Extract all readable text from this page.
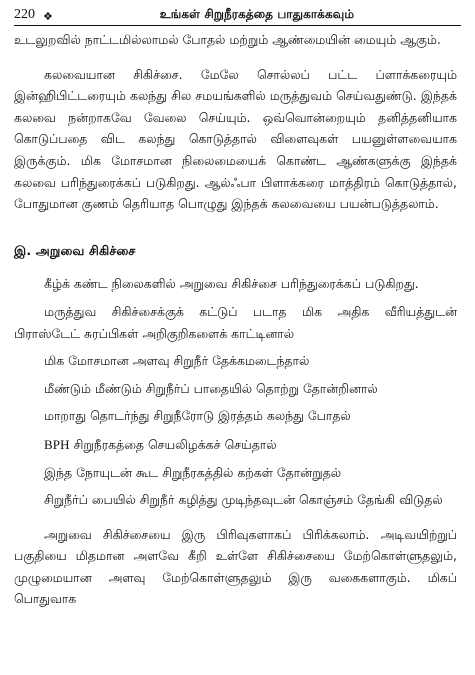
220 ❖	உங்கள் சிறுநீரகத்தை பாதுகாக்கவும்

உடலுறவில் நாட்டமில்லாமல் போதல் மற்றும் ஆண்மையின் மையும் ஆகும்.

கலவையான சிகிச்சை. மேலே சொல்லப் பட்ட ப்ளாக்கரையும் இன்ஹிபிட்டரையும் கலந்து சில சமயங்களில் மருத்துவம் செய்வதுண்டு. இந்தக் கலவை நன்றாகவே வேலை செய்யும். ஒவ்வொன்றையும் தனித்தனியாக கொடுப்பதை விட கலந்து கொடுத்தால் விளைவுகள் பயனுள்ளவையாக இருக்கும். மிக மோசமான நிலைமையைக் கொண்ட ஆண்களுக்கு இந்தக் கலவை பரிந்துரைக்கப் படுகிறது. ஆல்ஃபா பிளாக்கரை மாத்திரம் கொடுத்தால், போதுமான குணம் தெரியாத பொழுது இந்தக் கலவையை பயன்படுத்தலாம்.

இ. அறுவை சிகிச்சை

கீழ்க் கண்ட நிலைகளில் அறுவை சிகிச்சை பரிந்துரைக்கப் படுகிறது.

மருத்துவ சிகிச்சைக்குக் கட்டுப் படாத மிக அதிக வீரியத்துடன் பிராஸ்டேட் சுரப்பிகள் அறிகுறிகளைக் காட்டினால்

மிக மோசமான அளவு சிறுநீர் தேக்கமடைந்தால்

மீண்டும் மீண்டும் சிறுநீர்ப் பாதையில் தொற்று தோன்றினால்

மாறாது தொடர்ந்து சிறுநீரோடு இரத்தம் கலந்து போதல்

BPH சிறுநீரகத்தை செயலிழக்கச் செய்தால்

இந்த நோயுடன் கூட சிறுநீரகத்தில் கற்கள் தோன்றுதல்

சிறுநீர்ப் பையில் சிறுநீர் கழித்து முடிந்தவுடன் கொஞ்சம் தேங்கி விடுதல்

அறுவை சிகிச்சையை இரு பிரிவுகளாகப் பிரிக்கலாம். அடிவயிற்றுப் பகுதியை மிதமான அளவே கீறி உள்ளே சிகிச்சையை மேற்கொள்ளுதலும், முழுமையான அளவு மேற்கொள்ளுதலும் இரு வகைகளாகும். மிகப் பொதுவாக
